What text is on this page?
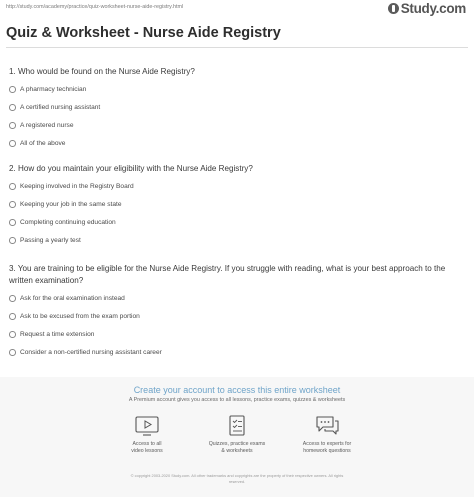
http://study.com/academy/practice/quiz-worksheet-nurse-aide-registry.html	Study.com
Quiz & Worksheet - Nurse Aide Registry
1. Who would be found on the Nurse Aide Registry?
A pharmacy technician
A certified nursing assistant
A registered nurse
All of the above
2. How do you maintain your eligibility with the Nurse Aide Registry?
Keeping involved in the Registry Board
Keeping your job in the same state
Completing continuing education
Passing a yearly test
3. You are training to be eligible for the Nurse Aide Registry. If you struggle with reading, what is your best approach to the written examination?
Ask for the oral examination instead
Ask to be excused from the exam portion
Request a time extension
Consider a non-certified nursing assistant career
Create your account to access this entire worksheet
A Premium account gives you access to all lessons, practice exams, quizzes & worksheets
Access to all
video lessons
Quizzes, practice exams
& worksheets
Access to experts for
homework questions
© copyright 2003-2020 Study.com. All other trademarks and copyrights are the property of their respective owners. All rights
reserved.
